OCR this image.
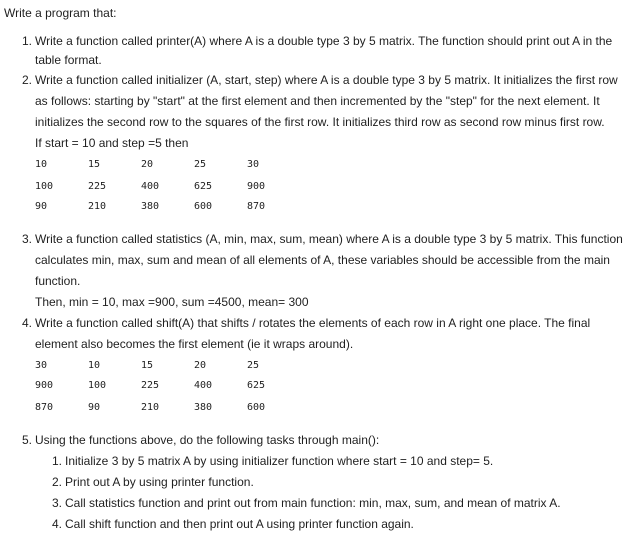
Write a program that:
1. Write a function called printer(A) where A is a double type 3 by 5 matrix. The function should print out A in the
table format.
2. Write a function called initializer (A, start, step) where A is a double type 3 by 5 matrix. It initializes the first row
as follows: starting by "start" at the first element and then incremented by the "step" for the next element. It
initializes the second row to the squares of the first row. It initializes third row as second row minus first row.
If start = 10 and step =5 then
10	15	20	25	30
100	225	400	625	900
90	210	380	600	870
3. Write a function called statistics (A, min, max, sum, mean) where A is a double type 3 by 5 matrix. This function
calculates min, max, sum and mean of all elements of A, these variables should be accessible from the main
function.
Then, min = 10, max =900, sum =4500, mean= 300
4. Write a function called shift(A) that shifts / rotates the elements of each row in A right one place. The final
element also becomes the first element (ie it wraps around).
30	10	15	20	25
900	100	225	400	625
870	90	210	380	600
5. Using the functions above, do the following tasks through main():
1. Initialize 3 by 5 matrix A by using initializer function where start = 10 and step= 5.
2. Print out A by using printer function.
3. Call statistics function and print out from main function: min, max, sum, and mean of matrix A.
4. Call shift function and then print out A using printer function again.
